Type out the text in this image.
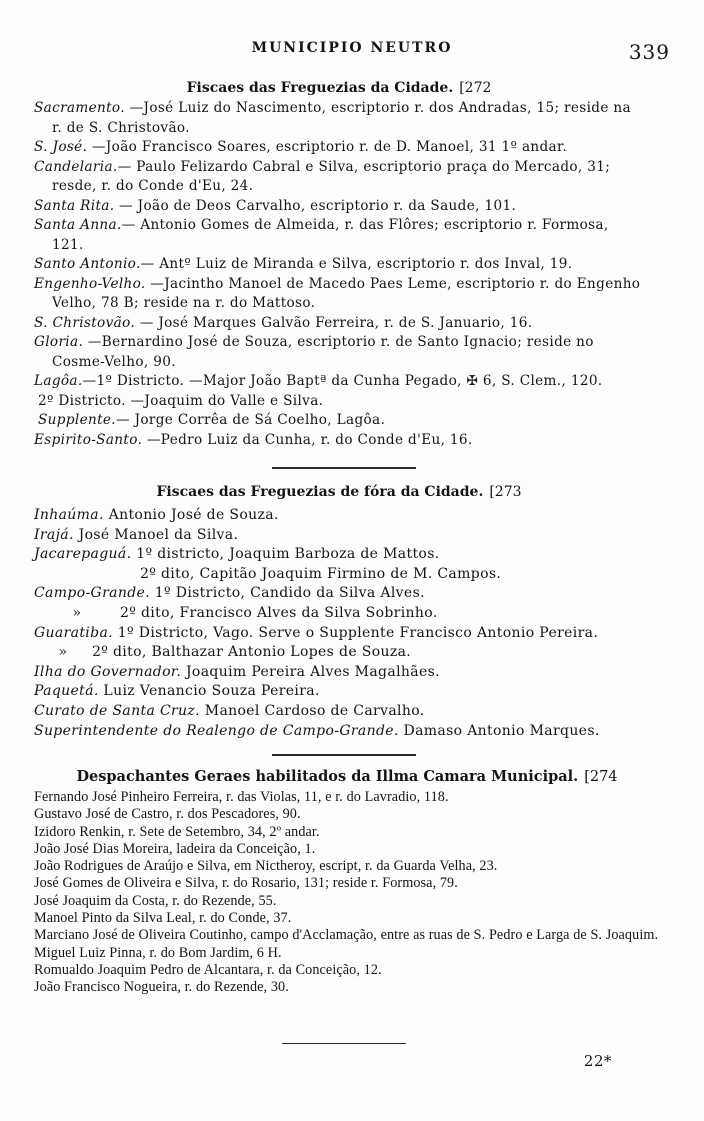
MUNICIPIO NEUTRO	339

Fiscaes das Freguezias da Cidade. [272

Sacramento. —José Luiz do Nascimento, escriptorio r. dos Andradas, 15; reside na r. de S. Christovão.
S. José. —João Francisco Soares, escriptorio r. de D. Manoel, 31 1º andar.
Candelaria.— Paulo Felizardo Cabral e Silva, escriptorio praça do Mercado, 31; resde, r. do Conde d'Eu, 24.
Santa Rita. — João de Deos Carvalho, escriptorio r. da Saude, 101.
Santa Anna.— Antonio Gomes de Almeida, r. das Flôres; escriptorio r. Formosa, 121.
Santo Antonio.— Antº Luiz de Miranda e Silva, escriptorio r. dos Inval, 19.
Engenho-Velho. —Jacintho Manoel de Macedo Paes Leme, escriptorio r. do Engenho Velho, 78 B; reside na r. do Mattoso.
S. Christovão. — José Marques Galvão Ferreira, r. de S. Januario, 16.
Gloria. —Bernardino José de Souza, escriptorio r. de Santo Ignacio; reside no Cosme-Velho, 90.
Lagôa.—1º Districto. —Major João Baptª da Cunha Pegado, ✠ 6, S. Clem., 120.
2º Districto. —Joaquim do Valle e Silva.
Supplente.— Jorge Corrêa de Sá Coelho, Lagôa.
Espirito-Santo. —Pedro Luiz da Cunha, r. do Conde d'Eu, 16.

Fiscaes das Freguezias de fóra da Cidade. [273

Inhaúma. Antonio José de Souza.
Irajá. José Manoel da Silva.
Jacarepaguá. 1º districto, Joaquim Barboza de Mattos.
2º dito, Capitão Joaquim Firmino de M. Campos.
Campo-Grande. 1º Districto, Candido da Silva Alves.
»	2º dito, Francisco Alves da Silva Sobrinho.
Guaratiba. 1º Districto, Vago. Serve o Supplente Francisco Antonio Pereira.
» 2º dito, Balthazar Antonio Lopes de Souza.
Ilha do Governador. Joaquim Pereira Alves Magalhães.
Paquetá. Luiz Venancio Souza Pereira.
Curato de Santa Cruz. Manoel Cardoso de Carvalho.
Superintendente do Realengo de Campo-Grande. Damaso Antonio Marques.

Despachantes Geraes habilitados da Illma Camara Municipal. [274

Fernando José Pinheiro Ferreira, r. das Violas, 11, e r. do Lavradio, 118.
Gustavo José de Castro, r. dos Pescadores, 90.
Izidoro Renkin, r. Sete de Setembro, 34, 2º andar.
João José Dias Moreira, ladeira da Conceição, 1.
João Rodrigues de Araújo e Silva, em Nictheroy, escript, r. da Guarda Velha, 23.
José Gomes de Oliveira e Silva, r. do Rosario, 131; reside r. Formosa, 79.
José Joaquim da Costa, r. do Rezende, 55.
Manoel Pinto da Silva Leal, r. do Conde, 37.
Marciano José de Oliveira Coutinho, campo d'Acclamação, entre as ruas de S. Pedro e Larga de S. Joaquim.
Miguel Luiz Pinna, r. do Bom Jardim, 6 H.
Romualdo Joaquim Pedro de Alcantara, r. da Conceição, 12.
João Francisco Nogueira, r. do Rezende, 30.
22*
